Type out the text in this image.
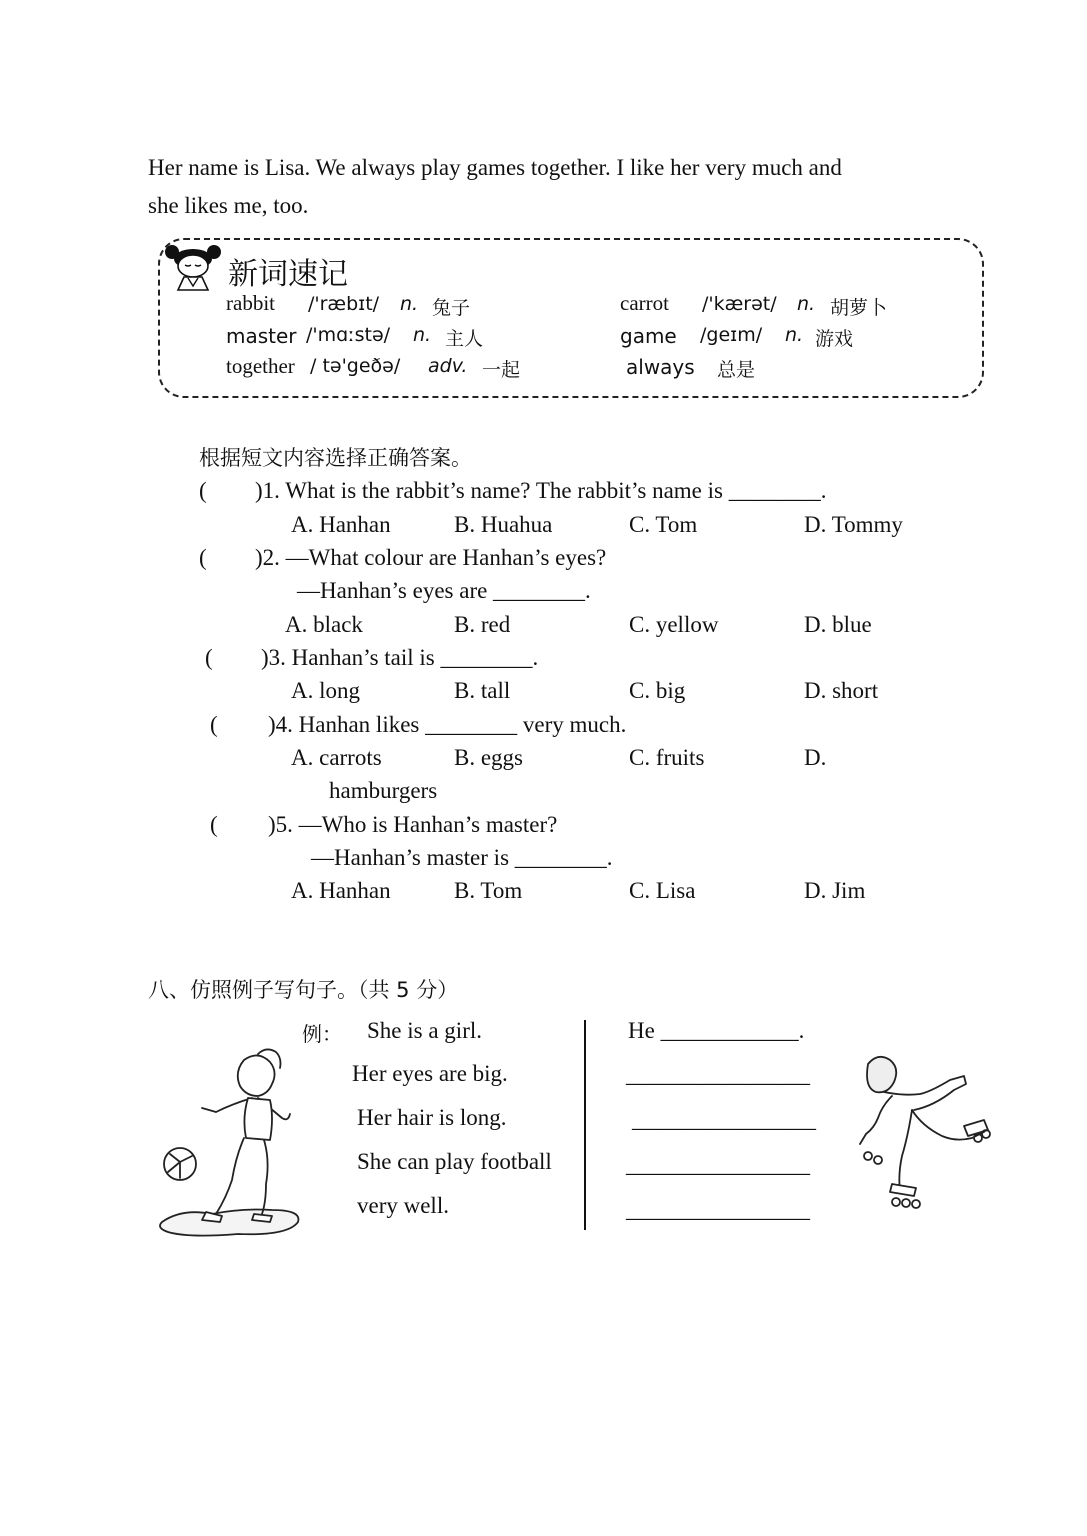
Her name is Lisa. We always play games together. I like her very much and
she likes me, too.
新词速记
rabbit /'ræbɪt/ n. 兔子	carrot /'kærət/ n. 胡萝卜
master /'mɑːstə/ n. 主人	game /geɪm/ n. 游戏
together / tə'geðə/ adv. 一起	always 总是
根据短文内容选择正确答案。
( )1. What is the rabbit’s name? The rabbit’s name is ________.
A. Hanhan	B. Huahua	C. Tom	D. Tommy
( )2. —What colour are Hanhan’s eyes?
—Hanhan’s eyes are ________.
A. black	B. red	C. yellow	D. blue
( )3. Hanhan’s tail is ________.
A. long	B. tall	C. big	D. short
( )4. Hanhan likes ________ very much.
A. carrots	B. eggs	C. fruits	D.
hamburgers
( )5. —Who is Hanhan’s master?
—Hanhan’s master is ________.
A. Hanhan	B. Tom	C. Lisa	D. Jim
八、仿照例子写句子。（共 5 分）
例： She is a girl.
Her eyes are big.
Her hair is long.
She can play football
very well.
He ____________.
________________
________________
________________
________________
